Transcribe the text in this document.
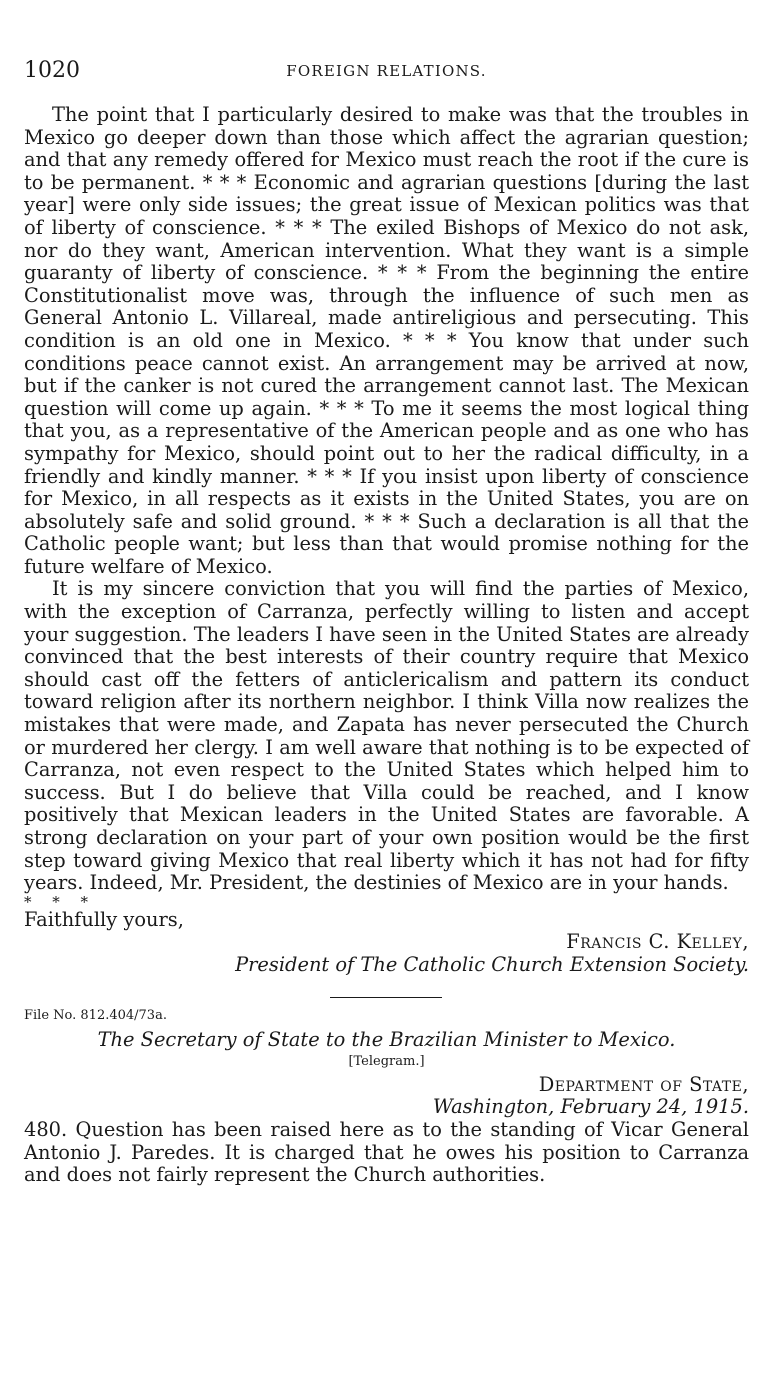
1020	FOREIGN RELATIONS.

The point that I particularly desired to make was that the troubles in Mexico go deeper down than those which affect the agrarian question; and that any remedy offered for Mexico must reach the root if the cure is to be permanent. * * * Economic and agrarian questions [during the last year] were only side issues; the great issue of Mexican politics was that of liberty of conscience. * * * The exiled Bishops of Mexico do not ask, nor do they want, American intervention. What they want is a simple guaranty of liberty of conscience. * * * From the beginning the entire Constitutionalist move was, through the influence of such men as General Antonio L. Villareal, made antireligious and persecuting. This condition is an old one in Mexico. * * * You know that under such conditions peace cannot exist. An arrangement may be arrived at now, but if the canker is not cured the arrangement cannot last. The Mexican question will come up again. * * * To me it seems the most logical thing that you, as a representative of the American people and as one who has sympathy for Mexico, should point out to her the radical difficulty, in a friendly and kindly manner. * * * If you insist upon liberty of conscience for Mexico, in all respects as it exists in the United States, you are on absolutely safe and solid ground. * * * Such a declaration is all that the Catholic people want; but less than that would promise nothing for the future welfare of Mexico.

It is my sincere conviction that you will find the parties of Mexico, with the exception of Carranza, perfectly willing to listen and accept your suggestion. The leaders I have seen in the United States are already convinced that the best interests of their country require that Mexico should cast off the fetters of anticlericalism and pattern its conduct toward religion after its northern neighbor. I think Villa now realizes the mistakes that were made, and Zapata has never persecuted the Church or murdered her clergy. I am well aware that nothing is to be expected of Carranza, not even respect to the United States which helped him to success. But I do believe that Villa could be reached, and I know positively that Mexican leaders in the United States are favorable. A strong declaration on your part of your own position would be the first step toward giving Mexico that real liberty which it has not had for fifty years. Indeed, Mr. President, the destinies of Mexico are in your hands.

* * *

Faithfully yours,

Francis C. Kelley,

President of The Catholic Church Extension Society.

File No. 812.404/73a.

The Secretary of State to the Brazilian Minister to Mexico.

[Telegram.]

Department of State,

Washington, February 24, 1915.

480. Question has been raised here as to the standing of Vicar General Antonio J. Paredes. It is charged that he owes his position to Carranza and does not fairly represent the Church authorities.
